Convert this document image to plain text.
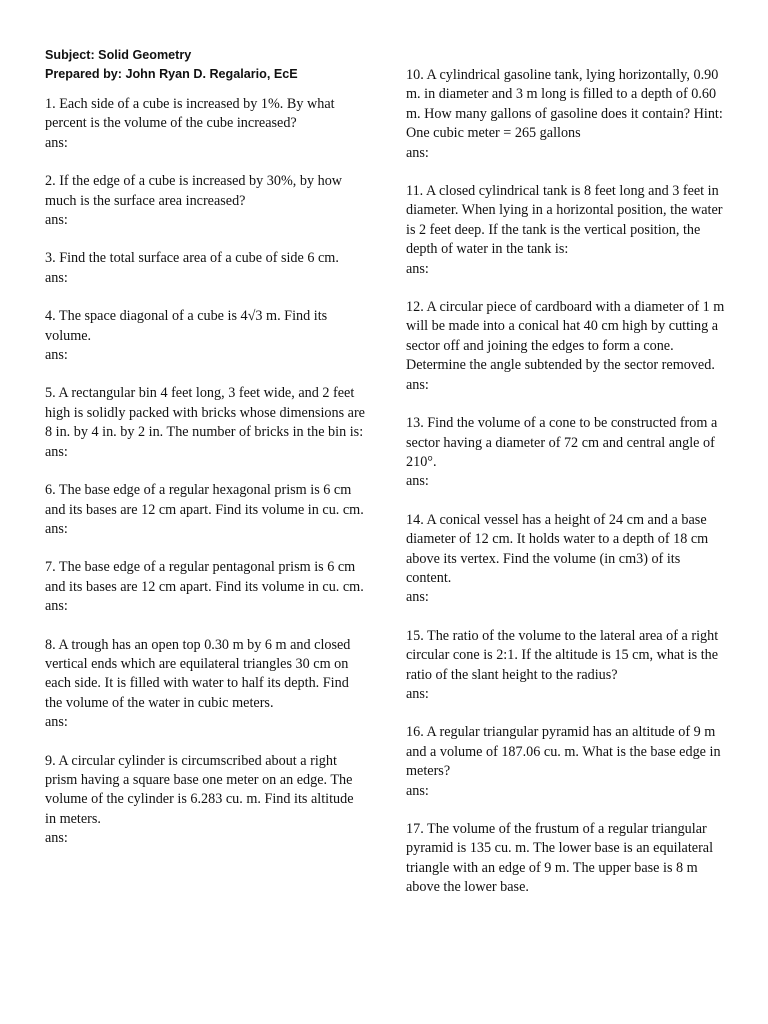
Subject: Solid Geometry
Prepared by: John Ryan D. Regalario, EcE
1. Each side of a cube is increased by 1%. By what percent is the volume of the cube increased?
ans:
2. If the edge of a cube is increased by 30%, by how much is the surface area increased?
ans:
3. Find the total surface area of a cube of side 6 cm.
ans:
4. The space diagonal of a cube is 4√3 m. Find its volume.
ans:
5. A rectangular bin 4 feet long, 3 feet wide, and 2 feet high is solidly packed with bricks whose dimensions are 8 in. by 4 in. by 2 in. The number of bricks in the bin is:
ans:
6. The base edge of a regular hexagonal prism is 6 cm and its bases are 12 cm apart. Find its volume in cu. cm.
ans:
7. The base edge of a regular pentagonal prism is 6 cm and its bases are 12 cm apart. Find its volume in cu. cm.
ans:
8. A trough has an open top 0.30 m by 6 m and closed vertical ends which are equilateral triangles 30 cm on each side. It is filled with water to half its depth. Find the volume of the water in cubic meters.
ans:
9. A circular cylinder is circumscribed about a right prism having a square base one meter on an edge. The volume of the cylinder is 6.283 cu. m. Find its altitude in meters.
ans:
10. A cylindrical gasoline tank, lying horizontally, 0.90 m. in diameter and 3 m long is filled to a depth of 0.60 m. How many gallons of gasoline does it contain? Hint: One cubic meter = 265 gallons
ans:
11. A closed cylindrical tank is 8 feet long and 3 feet in diameter. When lying in a horizontal position, the water is 2 feet deep. If the tank is the vertical position, the depth of water in the tank is:
ans:
12. A circular piece of cardboard with a diameter of 1 m will be made into a conical hat 40 cm high by cutting a sector off and joining the edges to form a cone. Determine the angle subtended by the sector removed.
ans:
13. Find the volume of a cone to be constructed from a sector having a diameter of 72 cm and central angle of 210°.
ans:
14. A conical vessel has a height of 24 cm and a base diameter of 12 cm. It holds water to a depth of 18 cm above its vertex. Find the volume (in cm3) of its content.
ans:
15. The ratio of the volume to the lateral area of a right circular cone is 2:1. If the altitude is 15 cm, what is the ratio of the slant height to the radius?
ans:
16. A regular triangular pyramid has an altitude of 9 m and a volume of 187.06 cu. m. What is the base edge in meters?
ans:
17. The volume of the frustum of a regular triangular pyramid is 135 cu. m. The lower base is an equilateral triangle with an edge of 9 m. The upper base is 8 m above the lower base.
